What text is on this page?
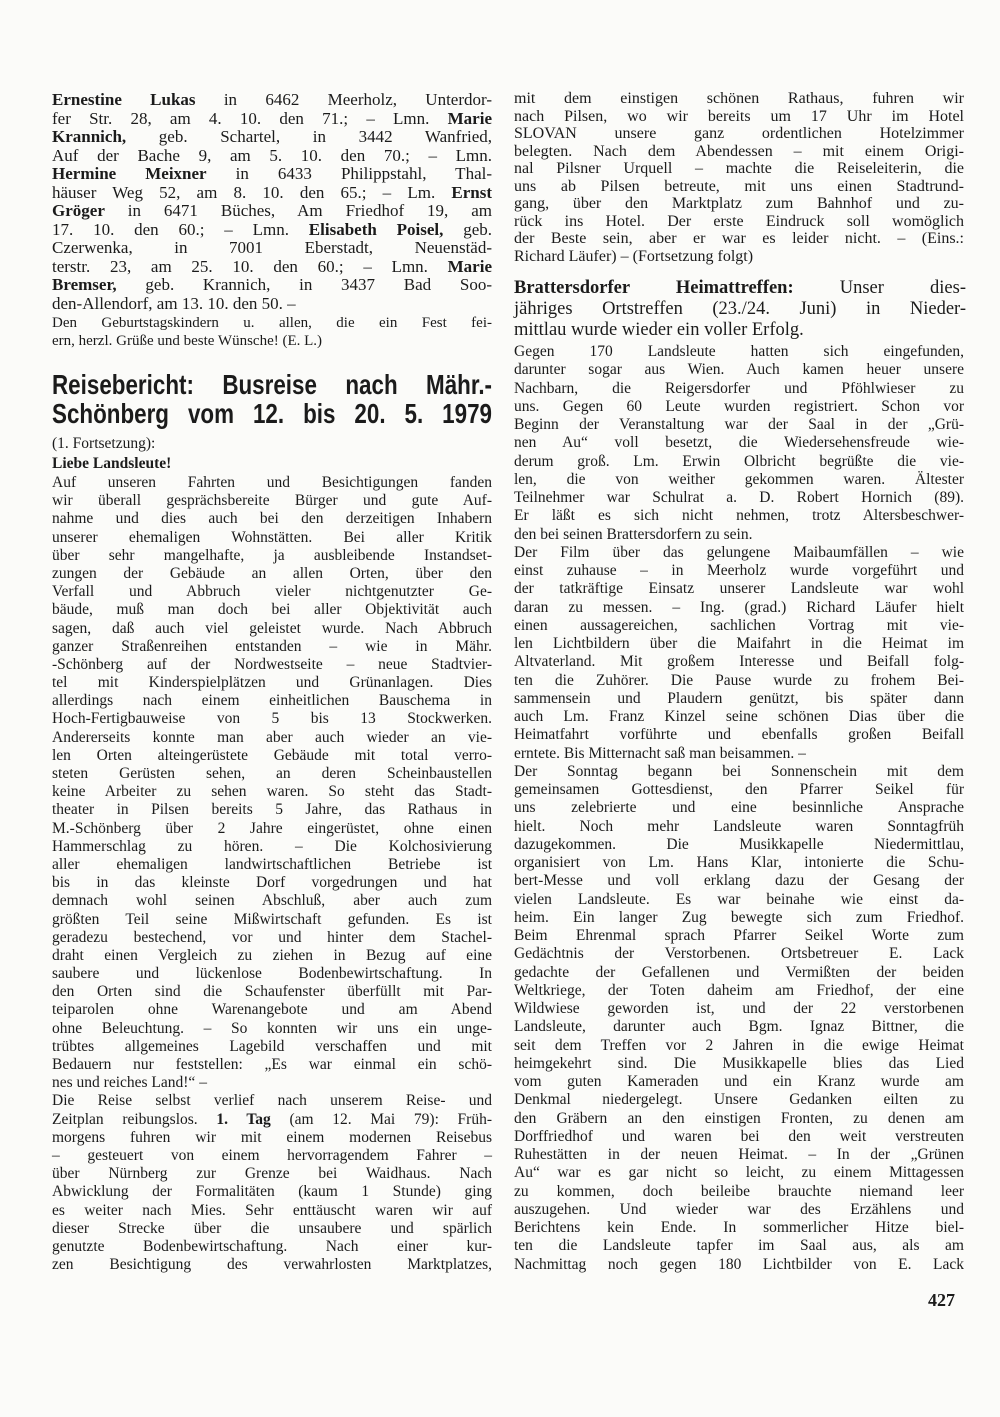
Ernestine Lukas in 6462 Meerholz, Unterdor-
fer Str. 28, am 4. 10. den 71.; – Lmn. Marie
Krannich, geb. Schartel, in 3442 Wanfried,
Auf der Bache 9, am 5. 10. den 70.; – Lmn.
Hermine Meixner in 6433 Philippstahl, Thal-
häuser Weg 52, am 8. 10. den 65.; – Lm. Ernst
Gröger in 6471 Büches, Am Friedhof 19, am
17. 10. den 60.; – Lmn. Elisabeth Poisel, geb.
Czerwenka, in 7001 Eberstadt, Neuenstäd-
terstr. 23, am 25. 10. den 60.; – Lmn. Marie
Bremser, geb. Krannich, in 3437 Bad Soo-
den-Allendorf, am 13. 10. den 50. –
Den Geburtstagskindern u. allen, die ein Fest fei-
ern, herzl. Grüße und beste Wünsche! (E. L.)
Reisebericht: Busreise nach Mähr.-
Schönberg vom 12. bis 20. 5. 1979
(1. Fortsetzung):
Liebe Landsleute!
Auf unseren Fahrten und Besichtigungen fanden
wir überall gesprächsbereite Bürger und gute Auf-
nahme und dies auch bei den derzeitigen Inhabern
unserer ehemaligen Wohnstätten. Bei aller Kritik
über sehr mangelhafte, ja ausbleibende Instandset-
zungen der Gebäude an allen Orten, über den
Verfall und Abbruch vieler nichtgenutzter Ge-
bäude, muß man doch bei aller Objektivität auch
sagen, daß auch viel geleistet wurde. Nach Abbruch
ganzer Straßenreihen entstanden – wie in Mähr.
-Schönberg auf der Nordwestseite – neue Stadtvier-
tel mit Kinderspielplätzen und Grünanlagen. Dies
allerdings nach einem einheitlichen Bauschema in
Hoch-Fertigbauweise von 5 bis 13 Stockwerken.
Andererseits konnte man aber auch wieder an vie-
len Orten alteingerüstete Gebäude mit total verro-
steten Gerüsten sehen, an deren Scheinbaustellen
keine Arbeiter zu sehen waren. So steht das Stadt-
theater in Pilsen bereits 5 Jahre, das Rathaus in
M.-Schönberg über 2 Jahre eingerüstet, ohne einen
Hammerschlag zu hören. – Die Kolchosivierung
aller ehemaligen landwirtschaftlichen Betriebe ist
bis in das kleinste Dorf vorgedrungen und hat
demnach wohl seinen Abschluß, aber auch zum
größten Teil seine Mißwirtschaft gefunden. Es ist
geradezu bestechend, vor und hinter dem Stachel-
draht einen Vergleich zu ziehen in Bezug auf eine
saubere und lückenlose Bodenbewirtschaftung. In
den Orten sind die Schaufenster überfüllt mit Par-
teiparolen ohne Warenangebote und am Abend
ohne Beleuchtung. – So konnten wir uns ein unge-
trübtes allgemeines Lagebild verschaffen und mit
Bedauern nur feststellen: „Es war einmal ein schö-
nes und reiches Land!“ –
Die Reise selbst verlief nach unserem Reise- und
Zeitplan reibungslos. 1. Tag (am 12. Mai 79): Früh-
morgens fuhren wir mit einem modernen Reisebus
– gesteuert von einem hervorragendem Fahrer –
über Nürnberg zur Grenze bei Waidhaus. Nach
Abwicklung der Formalitäten (kaum 1 Stunde) ging
es weiter nach Mies. Sehr enttäuscht waren wir auf
dieser Strecke über die unsaubere und spärlich
genutzte Bodenbewirtschaftung. Nach einer kur-
zen Besichtigung des verwahrlosten Marktplatzes,
mit dem einstigen schönen Rathaus, fuhren wir
nach Pilsen, wo wir bereits um 17 Uhr im Hotel
SLOVAN unsere ganz ordentlichen Hotelzimmer
belegten. Nach dem Abendessen – mit einem Origi-
nal Pilsner Urquell – machte die Reiseleiterin, die
uns ab Pilsen betreute, mit uns einen Stadtrund-
gang, über den Marktplatz zum Bahnhof und zu-
rück ins Hotel. Der erste Eindruck soll womöglich
der Beste sein, aber er war es leider nicht. – (Eins.:
Richard Läufer) – (Fortsetzung folgt)
Brattersdorfer Heimattreffen: Unser dies-
jähriges Ortstreffen (23./24. Juni) in Nieder-
mittlau wurde wieder ein voller Erfolg.
Gegen 170 Landsleute hatten sich eingefunden,
darunter sogar aus Wien. Auch kamen heuer unsere
Nachbarn, die Reigersdorfer und Pföhlwieser zu
uns. Gegen 60 Leute wurden registriert. Schon vor
Beginn der Veranstaltung war der Saal in der „Grü-
nen Au“ voll besetzt, die Wiedersehensfreude wie-
derum groß. Lm. Erwin Olbricht begrüßte die vie-
len, die von weither gekommen waren. Ältester
Teilnehmer war Schulrat a. D. Robert Hornich (89).
Er läßt es sich nicht nehmen, trotz Altersbeschwer-
den bei seinen Brattersdorfern zu sein.
Der Film über das gelungene Maibaumfällen – wie
einst zuhause – in Meerholz wurde vorgeführt und
der tatkräftige Einsatz unserer Landsleute war wohl
daran zu messen. – Ing. (grad.) Richard Läufer hielt
einen aussagereichen, sachlichen Vortrag mit vie-
len Lichtbildern über die Maifahrt in die Heimat im
Altvaterland. Mit großem Interesse und Beifall folg-
ten die Zuhörer. Die Pause wurde zu frohem Bei-
sammensein und Plaudern genützt, bis später dann
auch Lm. Franz Kinzel seine schönen Dias über die
Heimatfahrt vorführte und ebenfalls großen Beifall
erntete. Bis Mitternacht saß man beisammen. –
Der Sonntag begann bei Sonnenschein mit dem
gemeinsamen Gottesdienst, den Pfarrer Seikel für
uns zelebrierte und eine besinnliche Ansprache
hielt. Noch mehr Landsleute waren Sonntagfrüh
dazugekommen. Die Musikkapelle Niedermittlau,
organisiert von Lm. Hans Klar, intonierte die Schu-
bert-Messe und voll erklang dazu der Gesang der
vielen Landsleute. Es war beinahe wie einst da-
heim. Ein langer Zug bewegte sich zum Friedhof.
Beim Ehrenmal sprach Pfarrer Seikel Worte zum
Gedächtnis der Verstorbenen. Ortsbetreuer E. Lack
gedachte der Gefallenen und Vermißten der beiden
Weltkriege, der Toten daheim am Friedhof, der eine
Wildwiese geworden ist, und der 22 verstorbenen
Landsleute, darunter auch Bgm. Ignaz Bittner, die
seit dem Treffen vor 2 Jahren in die ewige Heimat
heimgekehrt sind. Die Musikkapelle blies das Lied
vom guten Kameraden und ein Kranz wurde am
Denkmal niedergelegt. Unsere Gedanken eilten zu
den Gräbern an den einstigen Fronten, zu denen am
Dorffriedhof und waren bei den weit verstreuten
Ruhestätten in der neuen Heimat. – In der „Grünen
Au“ war es gar nicht so leicht, zu einem Mittagessen
zu kommen, doch beileibe brauchte niemand leer
auszugehen. Und wieder war des Erzählens und
Berichtens kein Ende. In sommerlicher Hitze biel-
ten die Landsleute tapfer im Saal aus, als am
Nachmittag noch gegen 180 Lichtbilder von E. Lack
427
